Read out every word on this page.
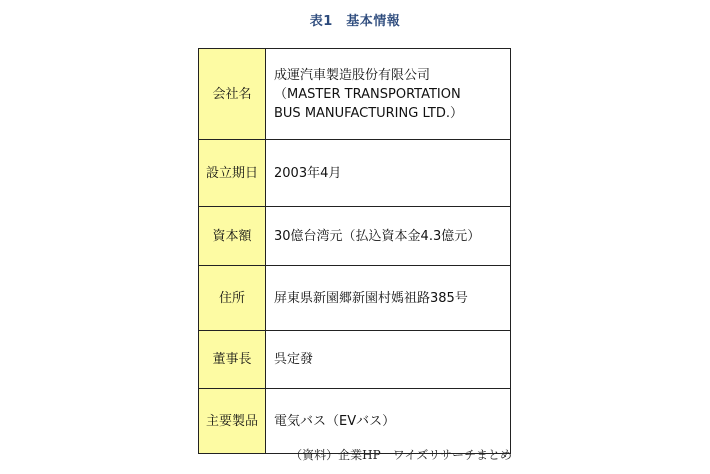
表1　基本情報
会社名	成運汽車製造股份有限公司
（MASTER TRANSPORTATION
BUS MANUFACTURING LTD.）

設立期日	2003年4月
資本額	30億台湾元（払込資本金4.3億元）
住所	屏東県新園郷新園村媽祖路385号
董事長	呉定發
主要製品	電気バス（EVバス）
（資料）企業HP　ワイズリサーチまとめ
